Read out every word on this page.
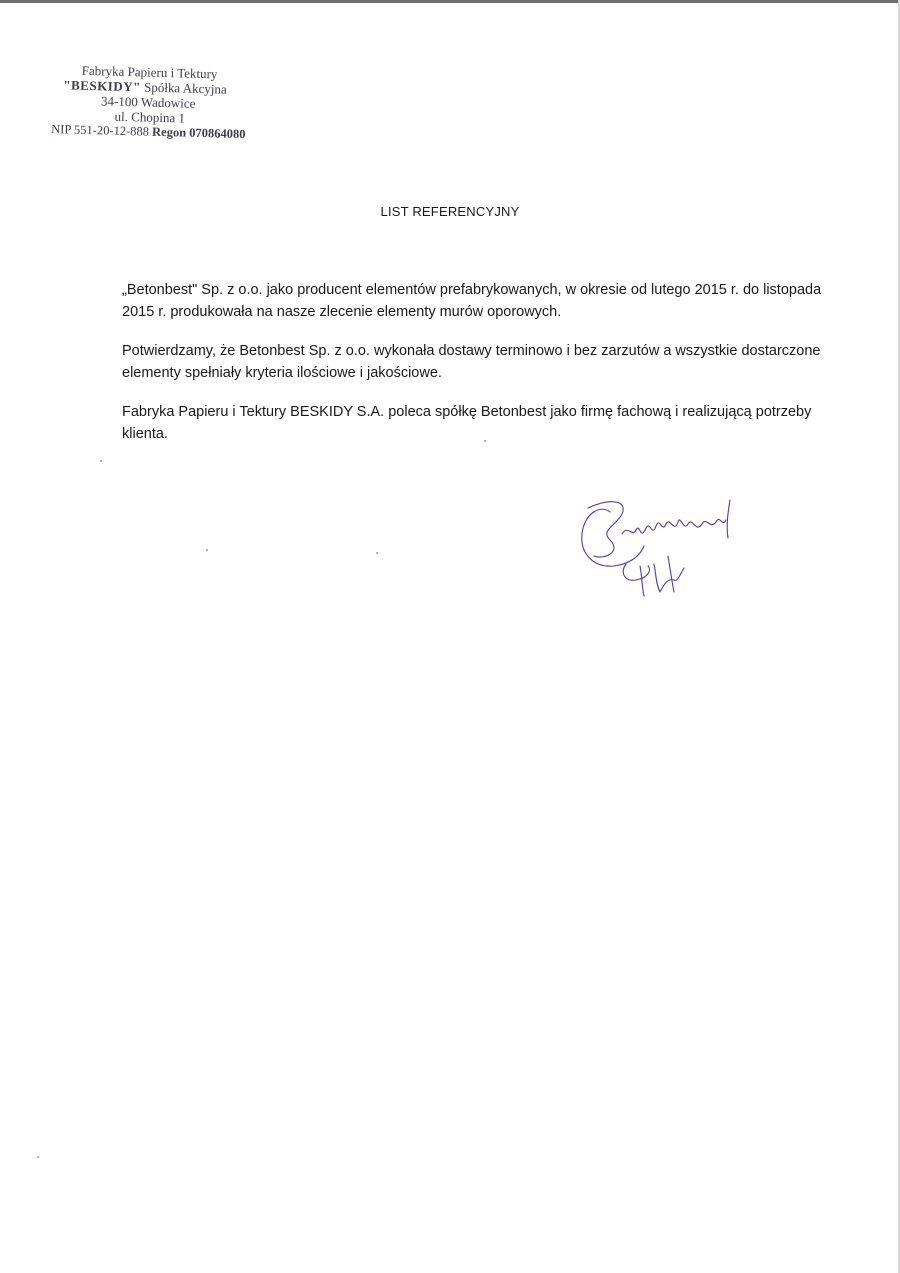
Fabryka Papieru i Tektury
"BESKIDY" Spółka Akcyjna
34-100 Wadowice
ul. Chopina 1
NIP 551-20-12-888 Regon 070864080
LIST REFERENCYJNY

„Betonbest" Sp. z o.o. jako producent elementów prefabrykowanych, w okresie od lutego 2015 r. do listopada 2015 r. produkowała na nasze zlecenie elementy murów oporowych.

Potwierdzamy, że Betonbest Sp. z o.o. wykonała dostawy terminowo i bez zarzutów a wszystkie dostarczone elementy spełniały kryteria ilościowe i jakościowe.

Fabryka Papieru i Tektury BESKIDY S.A. poleca spółkę Betonbest jako firmę fachową i realizującą potrzeby klienta.
